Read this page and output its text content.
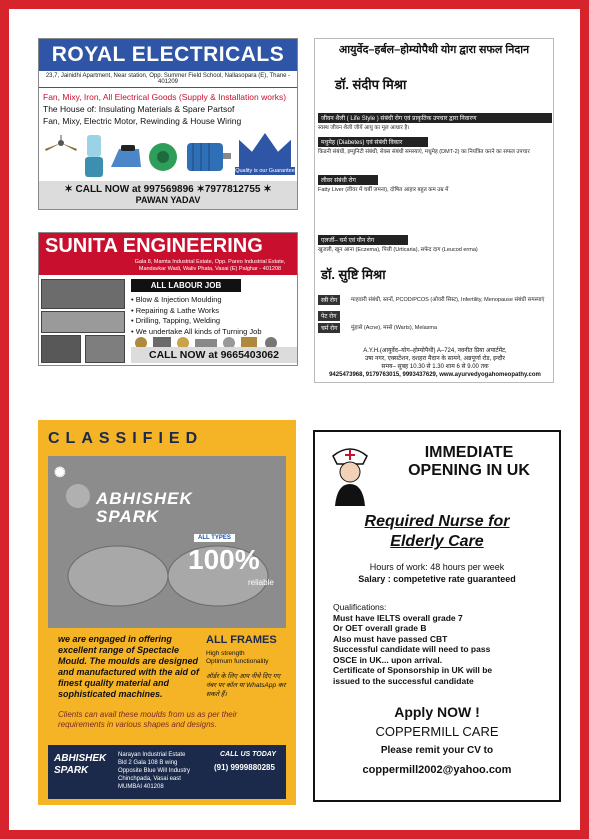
ROYAL ELECTRICALS
23,7, Jainidhi Apartment, Near station, Opp. Summer Field School, Nallasopara (E), Thane - 401209
Fan, Mixy, Iron, All Electrical Goods (Supply & Installation works)
The House of: Insulating Materials & Spare Partsof
Fan, Mixy, Electric Motor, Rewinding & House Wiring
Quality is our Guarantee
✶ CALL NOW at 997569896 ✶7977812755 ✶
PAWAN YADAV
SUNITA ENGINEERING
Gala 8, Mamta Industrial Estate, Opp. Pareo Industrial Estate, Mandavkar Wadi, Waliv Phata, Vasai (E) Palghar - 401208
ALL LABOUR JOB
• Blow & Injection Moulding
• Repairing & Lathe Works
• Drilling, Tapping, Welding
• We undertake All kinds of Turning Job
CALL NOW at 9665403062
आयुर्वेद–हर्बल–होम्योपैथी योग द्वारा सफल निदान
डॉ. संदीप मिश्रा
जीवन शैली ( Life Style ) संबंधी रोग एवं प्राकृतिक उपचार द्वारा निवारण
स्वस्थ जीवन शैली जीयें आयु का मूल आधार है।
मधुमेह (Diabetes) एवं संबंधी विकार
किडनी संबंधी, इम्युनिटी संबंधी, सेक्स संबंधी समस्याएं, मधुमेह (DMT-2) का नियंत्रित करने का सफल उपचार
लीवर संबंधी रोग
Fatty Liver (लीवर में चर्बी जमना), दोषित आहार बहुत कम उम्र में
एलर्जी– चर्म एवं यौन रोग
खुजली, खून आना (Eczema), पित्ती (Urticaria), सफेद दाग (Leucod erma)
डॉ. सुष्टि मिश्रा
स्त्री रोग	माहवारी संबंधी, स्तनों, PCOD/PCOS (ओवरी सिस्ट), Infertility, Menopause संबंधी समस्याएं
पेट रोग
चर्म रोग	मुंहासे (Acne), मस्से (Warts), Melasma
A.Y.H.(आयुर्वेद–योग–होम्योपैथी) A–724, नवनीत प्रिया अपार्टमेंट,
उषा नगर, एक्सटेंशन, दशहरा मैदान के सामने, अन्नपूर्णा रोड, इन्दौर
समय– सुबह 10.30 से 1.30 शाम 6 से 9.00 तक
9425473968, 9179763015, 9993437629, www.ayurvedyogahomeopathy.com
CLASSIFIED
✺
ABHISHEK
SPARK
ALL TYPES
100%
reliable
we are engaged in offering excellent range of Spectacle Mould. The moulds are designed and manufactured with the aid of finest quality material and sophisticated machines.
ALL FRAMES
High strength
Optimum functionality
ऑर्डर के लिए आप नीचे दिए गए नंबर पर कॉल या WhatsApp कर सकते हैं।
Clients can avail these moulds from us as per their requirements in various shapes and designs.
ABHISHEK
SPARK
Narayan Industrial Estate
Bld 2 Gala 108 B wing
Opposite Blue Will Industry
Chinchpada, Vasai east
MUMBAI 401208
CALL US TODAY
(91) 9999880285
IMMEDIATE
OPENING IN UK
Required Nurse for
Elderly Care
Hours of work: 48 hours per week
Salary : competetive rate guaranteed
Qualifications:
Must have IELTS overall grade 7
Or OET overall grade B
Also must have passed CBT
Successful candidate will need to pass
OSCE in UK... upon arrival.
Certificate of Sponsorship in UK will be
issued to the successful candidate
Apply NOW !
COPPERMILL CARE
Please remit your CV to
coppermill2002@yahoo.com
